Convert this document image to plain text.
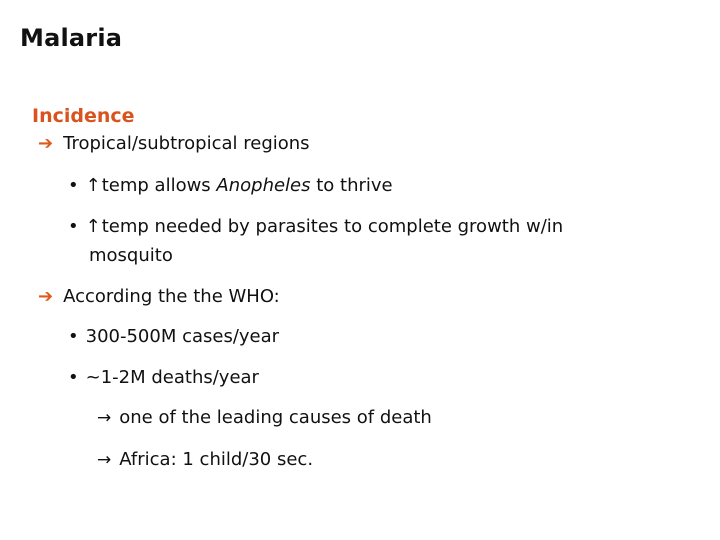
Malaria
Incidence
➔ Tropical/subtropical regions
• ↑temp allows Anopheles to thrive
• ↑temp needed by parasites to complete growth w/in
mosquito
➔ According the the WHO:
• 300-500M cases/year
• ~1-2M deaths/year
→ one of the leading causes of death
→ Africa: 1 child/30 sec.
